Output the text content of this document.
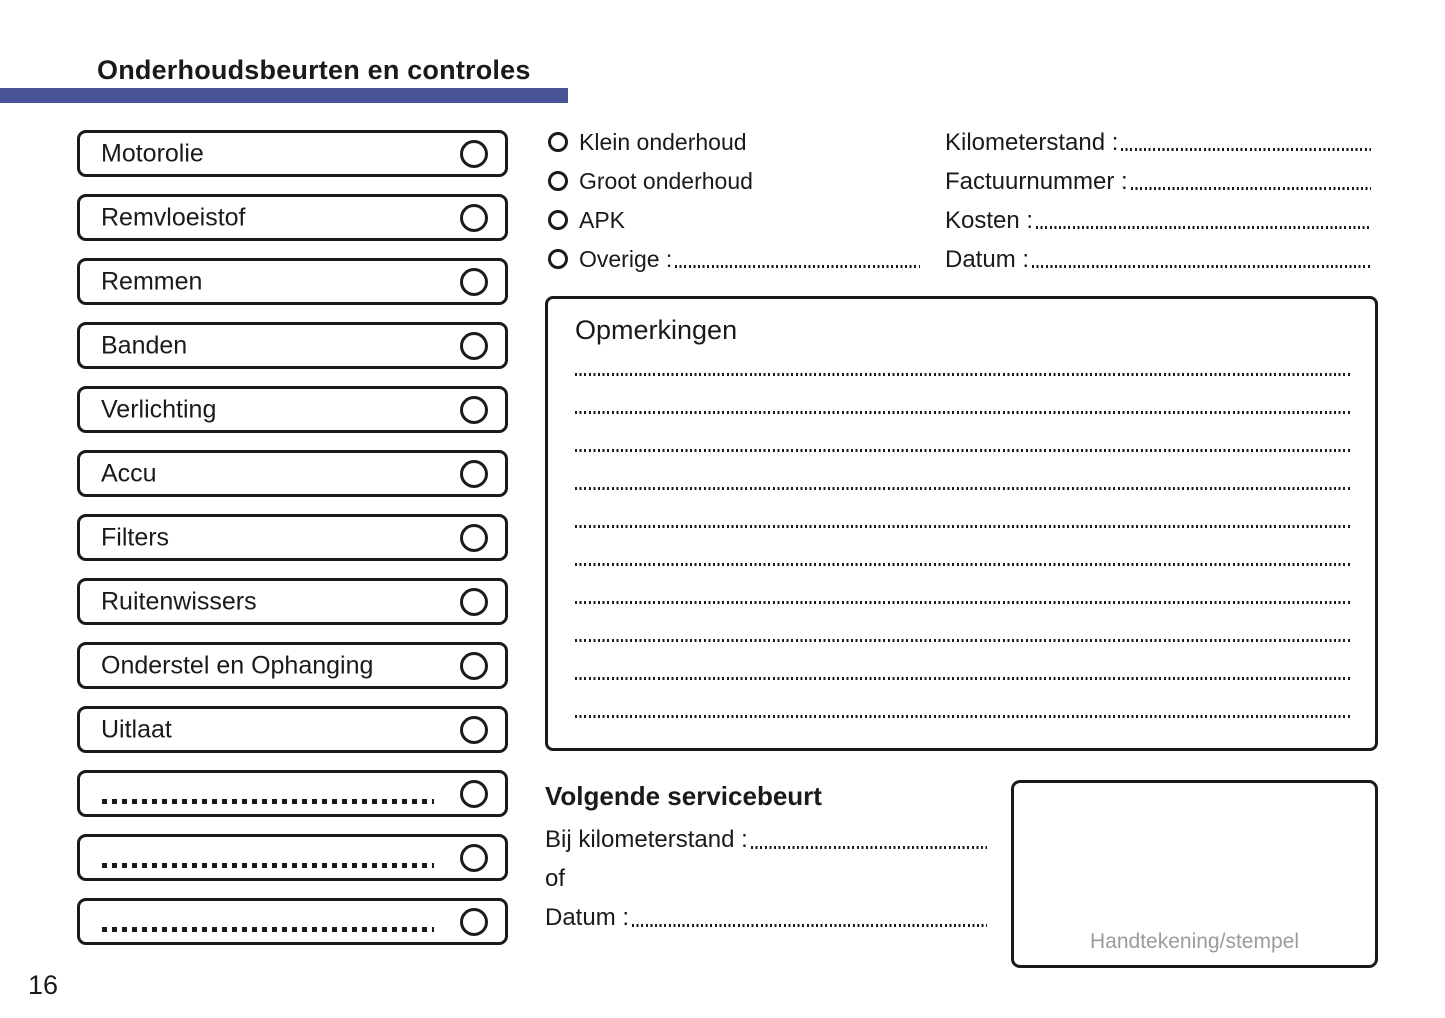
Onderhoudsbeurten en controles
Motorolie
Remvloeistof
Remmen
Banden
Verlichting
Accu
Filters
Ruitenwissers
Onderstel en Ophanging
Uitlaat
Klein onderhoud
Groot onderhoud
APK
Overige :
Kilometerstand :
Factuurnummer :
Kosten :
Datum :
Opmerkingen
Volgende servicebeurt
Bij kilometerstand :
of
Datum :
Handtekening/stempel
16
